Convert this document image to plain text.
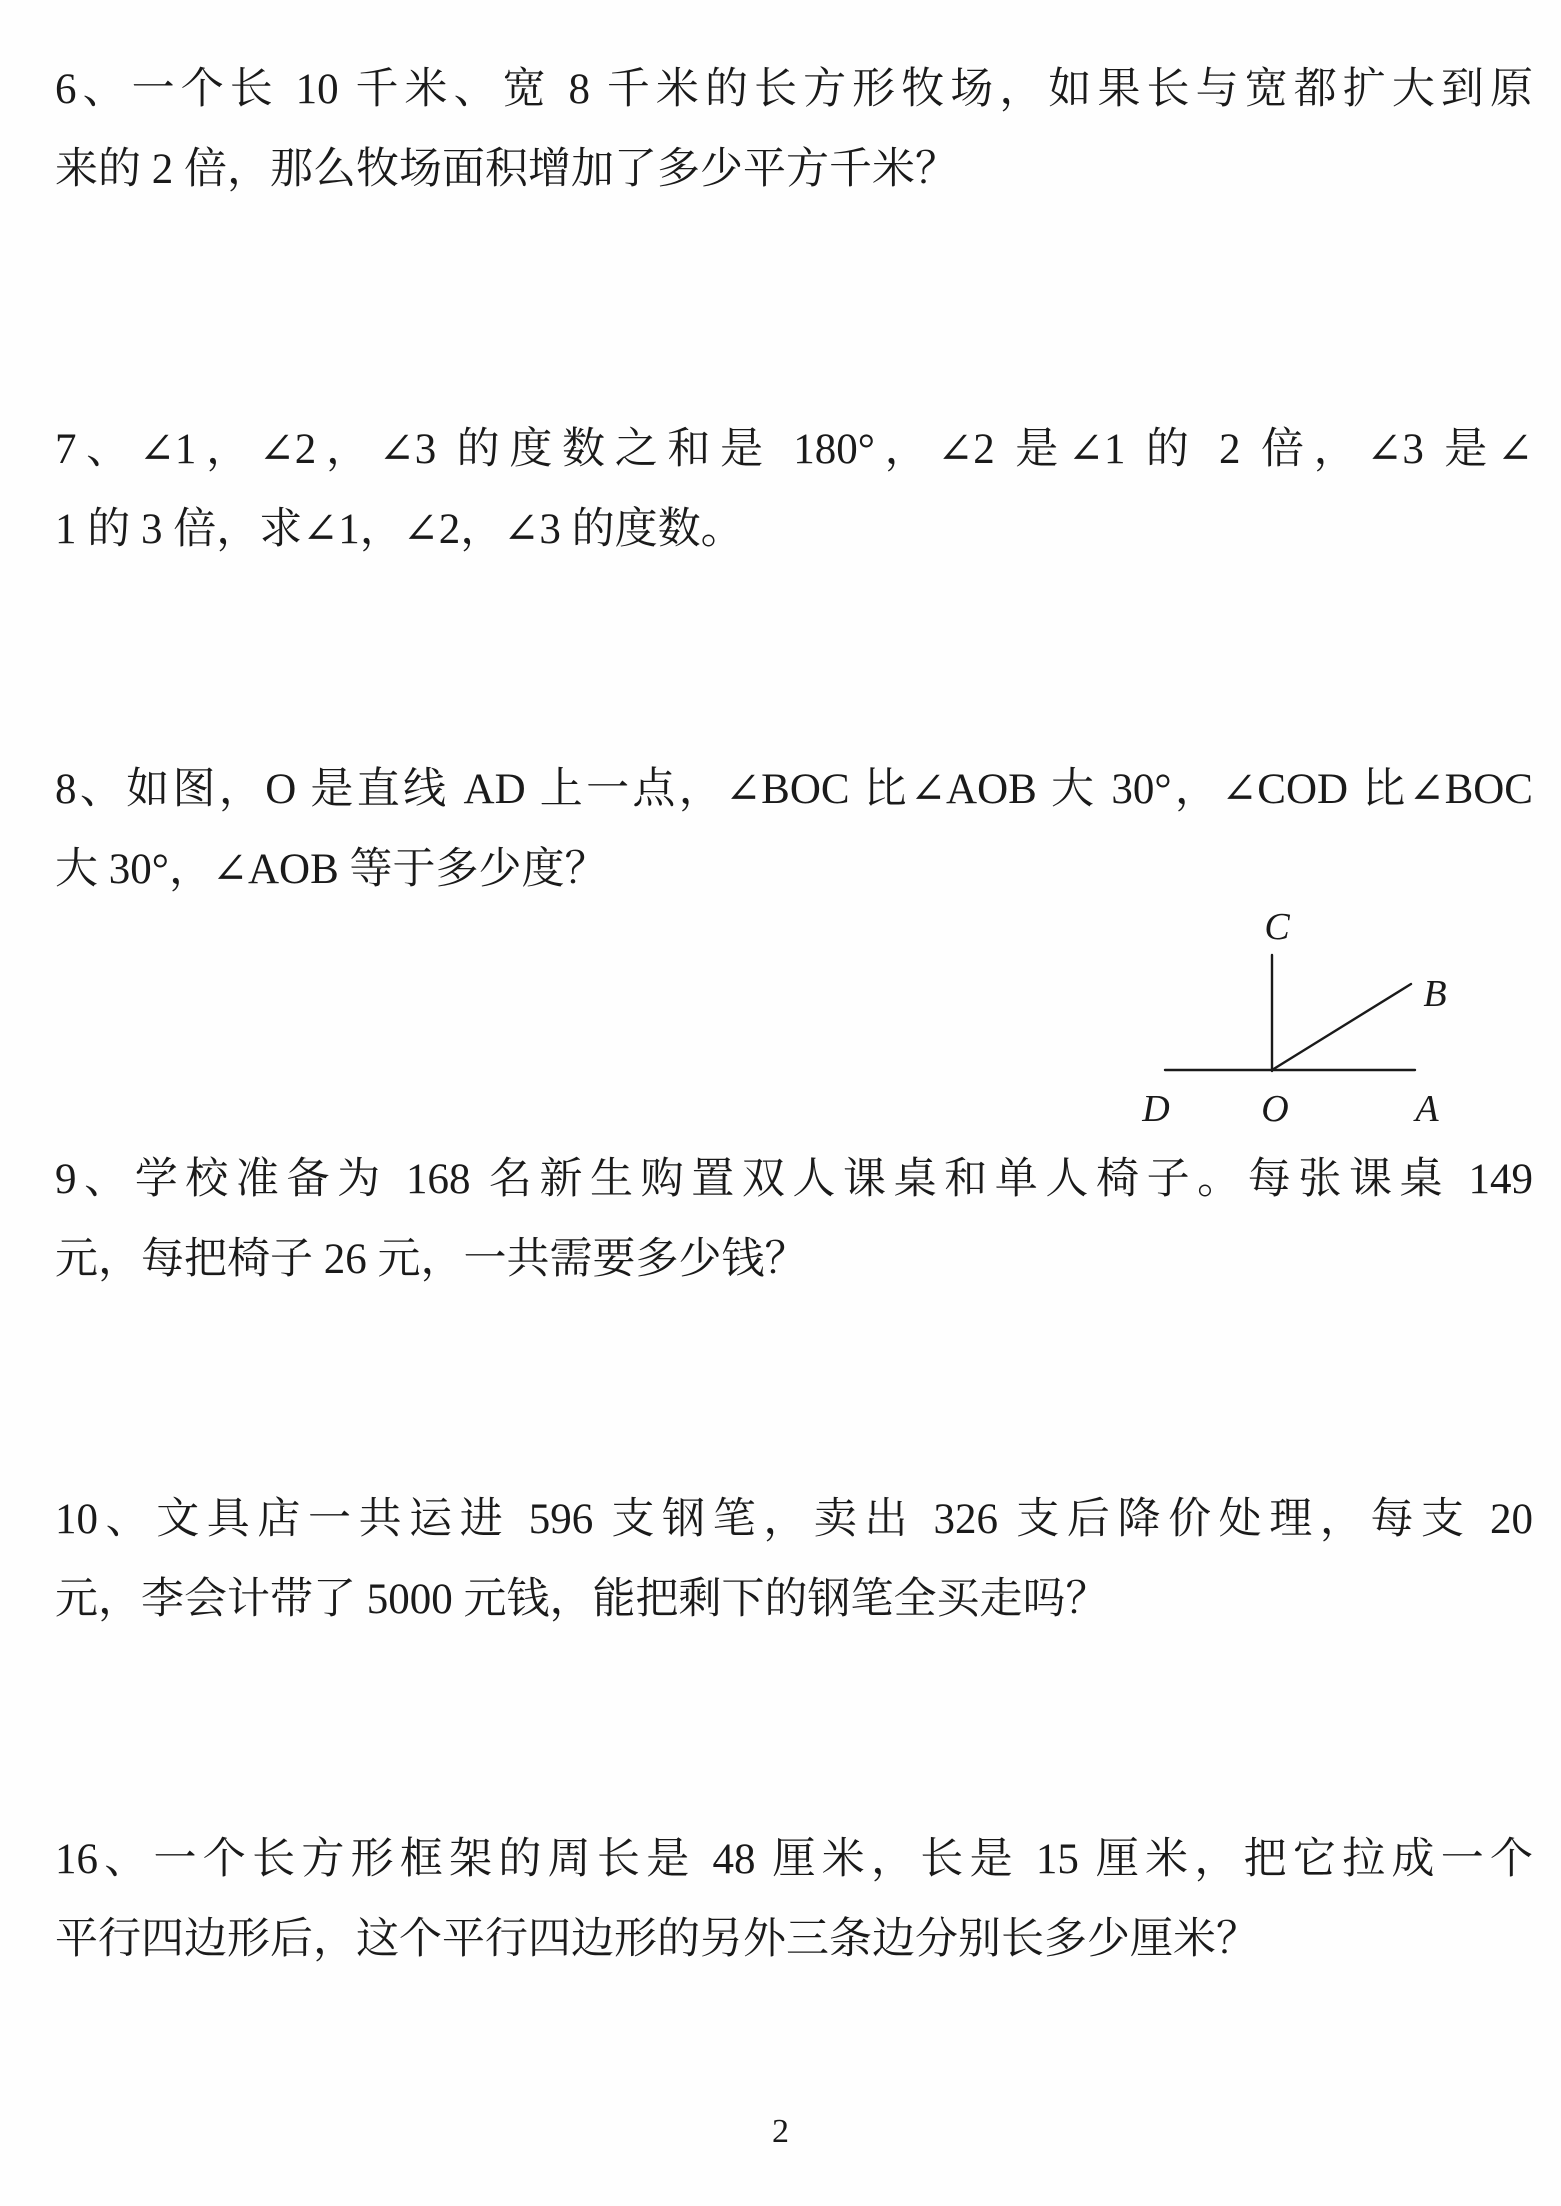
6、一个长 10 千米、宽 8 千米的长方形牧场，如果长与宽都扩大到原
来的 2 倍，那么牧场面积增加了多少平方千米？
7、∠1，∠2，∠3 的度数之和是 180°，∠2 是∠1 的 2 倍，∠3 是∠
1 的 3 倍，求∠1，∠2，∠3 的度数。
8、如图，O 是直线 AD 上一点，∠BOC 比∠AOB 大 30°，∠COD 比∠BOC
大 30°，∠AOB 等于多少度？
C
B
D O	A
9、学校准备为 168 名新生购置双人课桌和单人椅子。每张课桌 149
元，每把椅子 26 元，一共需要多少钱？
10、文具店一共运进 596 支钢笔，卖出 326 支后降价处理，每支 20
元，李会计带了 5000 元钱，能把剩下的钢笔全买走吗？
16、一个长方形框架的周长是 48 厘米，长是 15 厘米，把它拉成一个
平行四边形后，这个平行四边形的另外三条边分别长多少厘米？
2
